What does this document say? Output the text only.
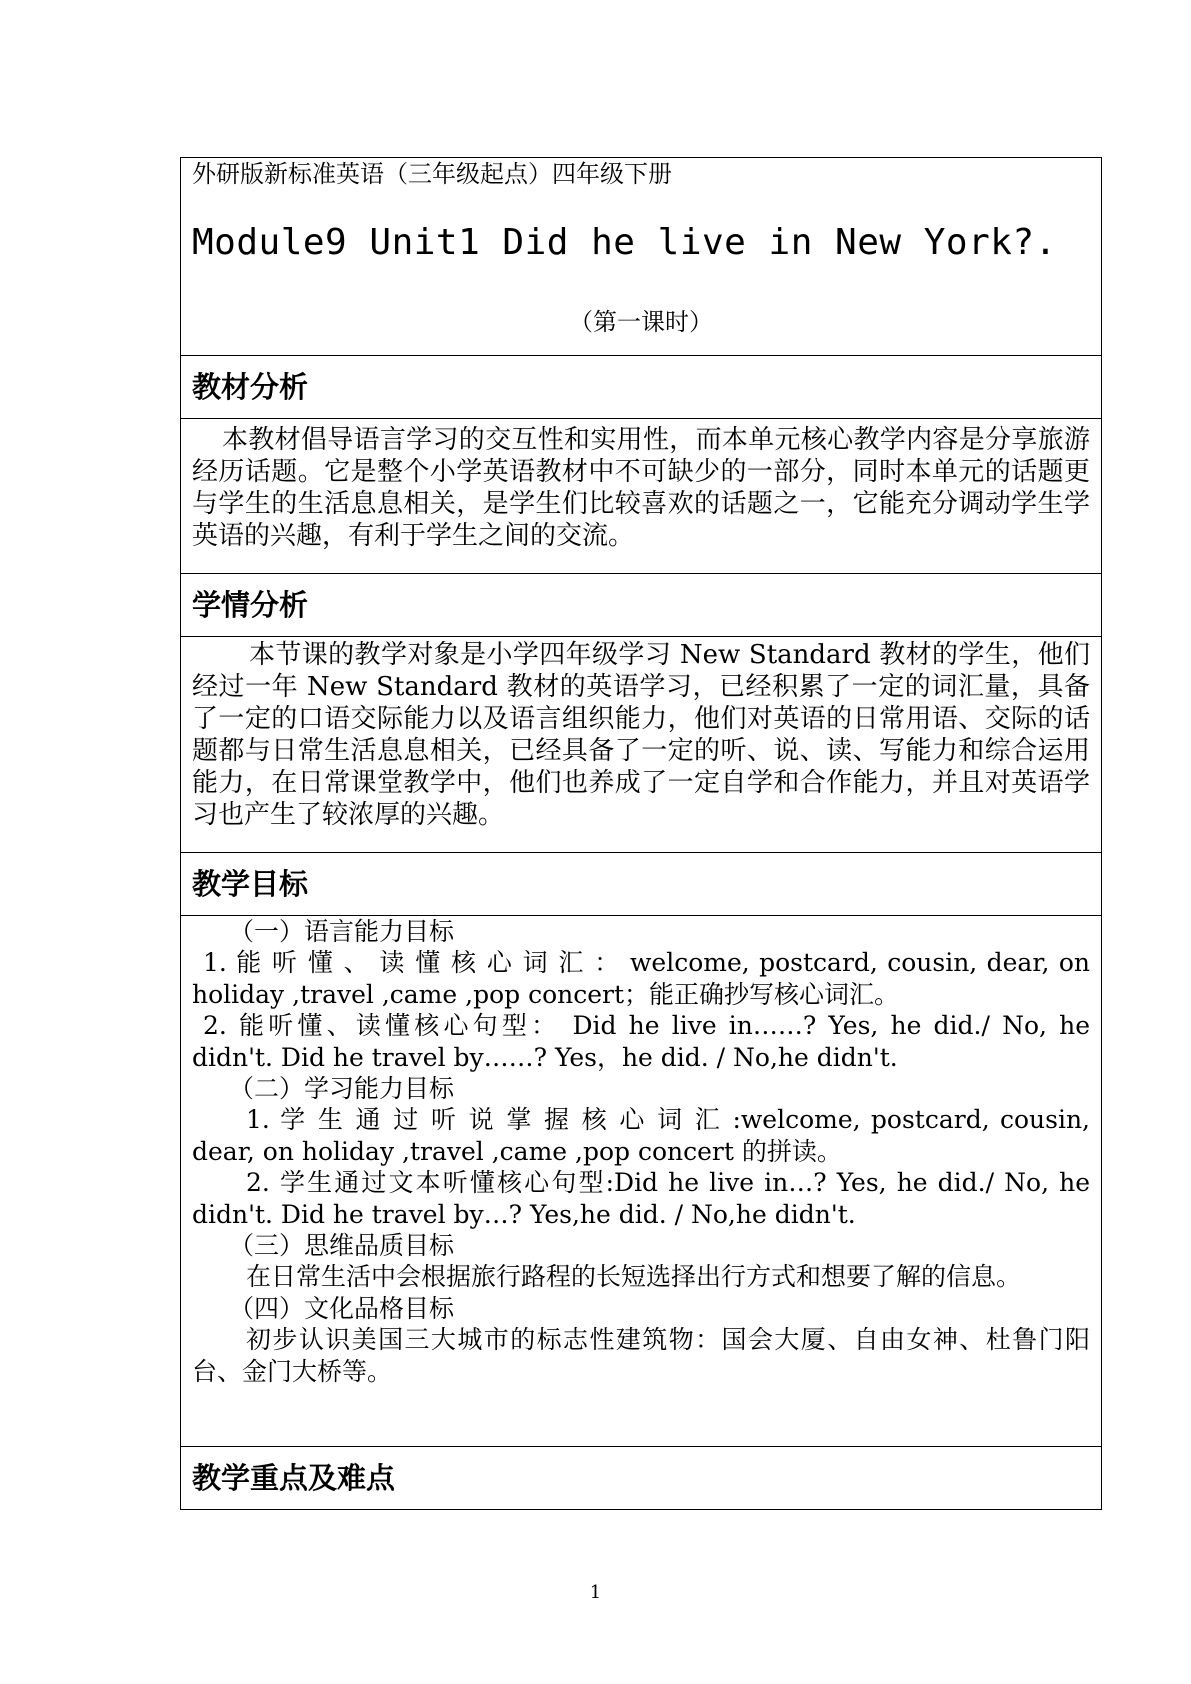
外研版新标准英语（三年级起点）四年级下册
Module9 Unit1 Did he live in New York?.
（第一课时）

教材分析

本教材倡导语言学习的交互性和实用性，而本单元核心教学内容是分享旅游经历话题。它是整个小学英语教材中不可缺少的一部分，同时本单元的话题更与学生的生活息息相关，是学生们比较喜欢的话题之一，它能充分调动学生学英语的兴趣，有利于学生之间的交流。

学情分析

本节课的教学对象是小学四年级学习 New Standard 教材的学生，他们经过一年 New Standard 教材的英语学习，已经积累了一定的词汇量，具备了一定的口语交际能力以及语言组织能力，他们对英语的日常用语、交际的话题都与日常生活息息相关，已经具备了一定的听、说、读、写能力和综合运用能力，在日常课堂教学中，他们也养成了一定自学和合作能力，并且对英语学习也产生了较浓厚的兴趣。

教学目标

（一）语言能力目标
1. 能 听 懂 、 读 懂 核 心 词 汇 ： welcome, postcard, cousin, dear, on holiday ,travel ,came ,pop concert；能正确抄写核心词汇。
2. 能听懂、读懂核心句型： Did he live in……? Yes, he did./ No, he didn't. Did he travel by……? Yes，he did. / No,he didn't.
（二）学习能力目标
1. 学 生 通 过 听 说 掌 握 核 心 词 汇 :welcome, postcard, cousin, dear, on holiday ,travel ,came ,pop concert 的拼读。
2. 学生通过文本听懂核心句型:Did he live in…? Yes, he did./ No, he didn't. Did he travel by…? Yes,he did. / No,he didn't.
（三）思维品质目标
在日常生活中会根据旅行路程的长短选择出行方式和想要了解的信息。
（四）文化品格目标
初步认识美国三大城市的标志性建筑物：国会大厦、自由女神、杜鲁门阳台、金门大桥等。

教学重点及难点
1
